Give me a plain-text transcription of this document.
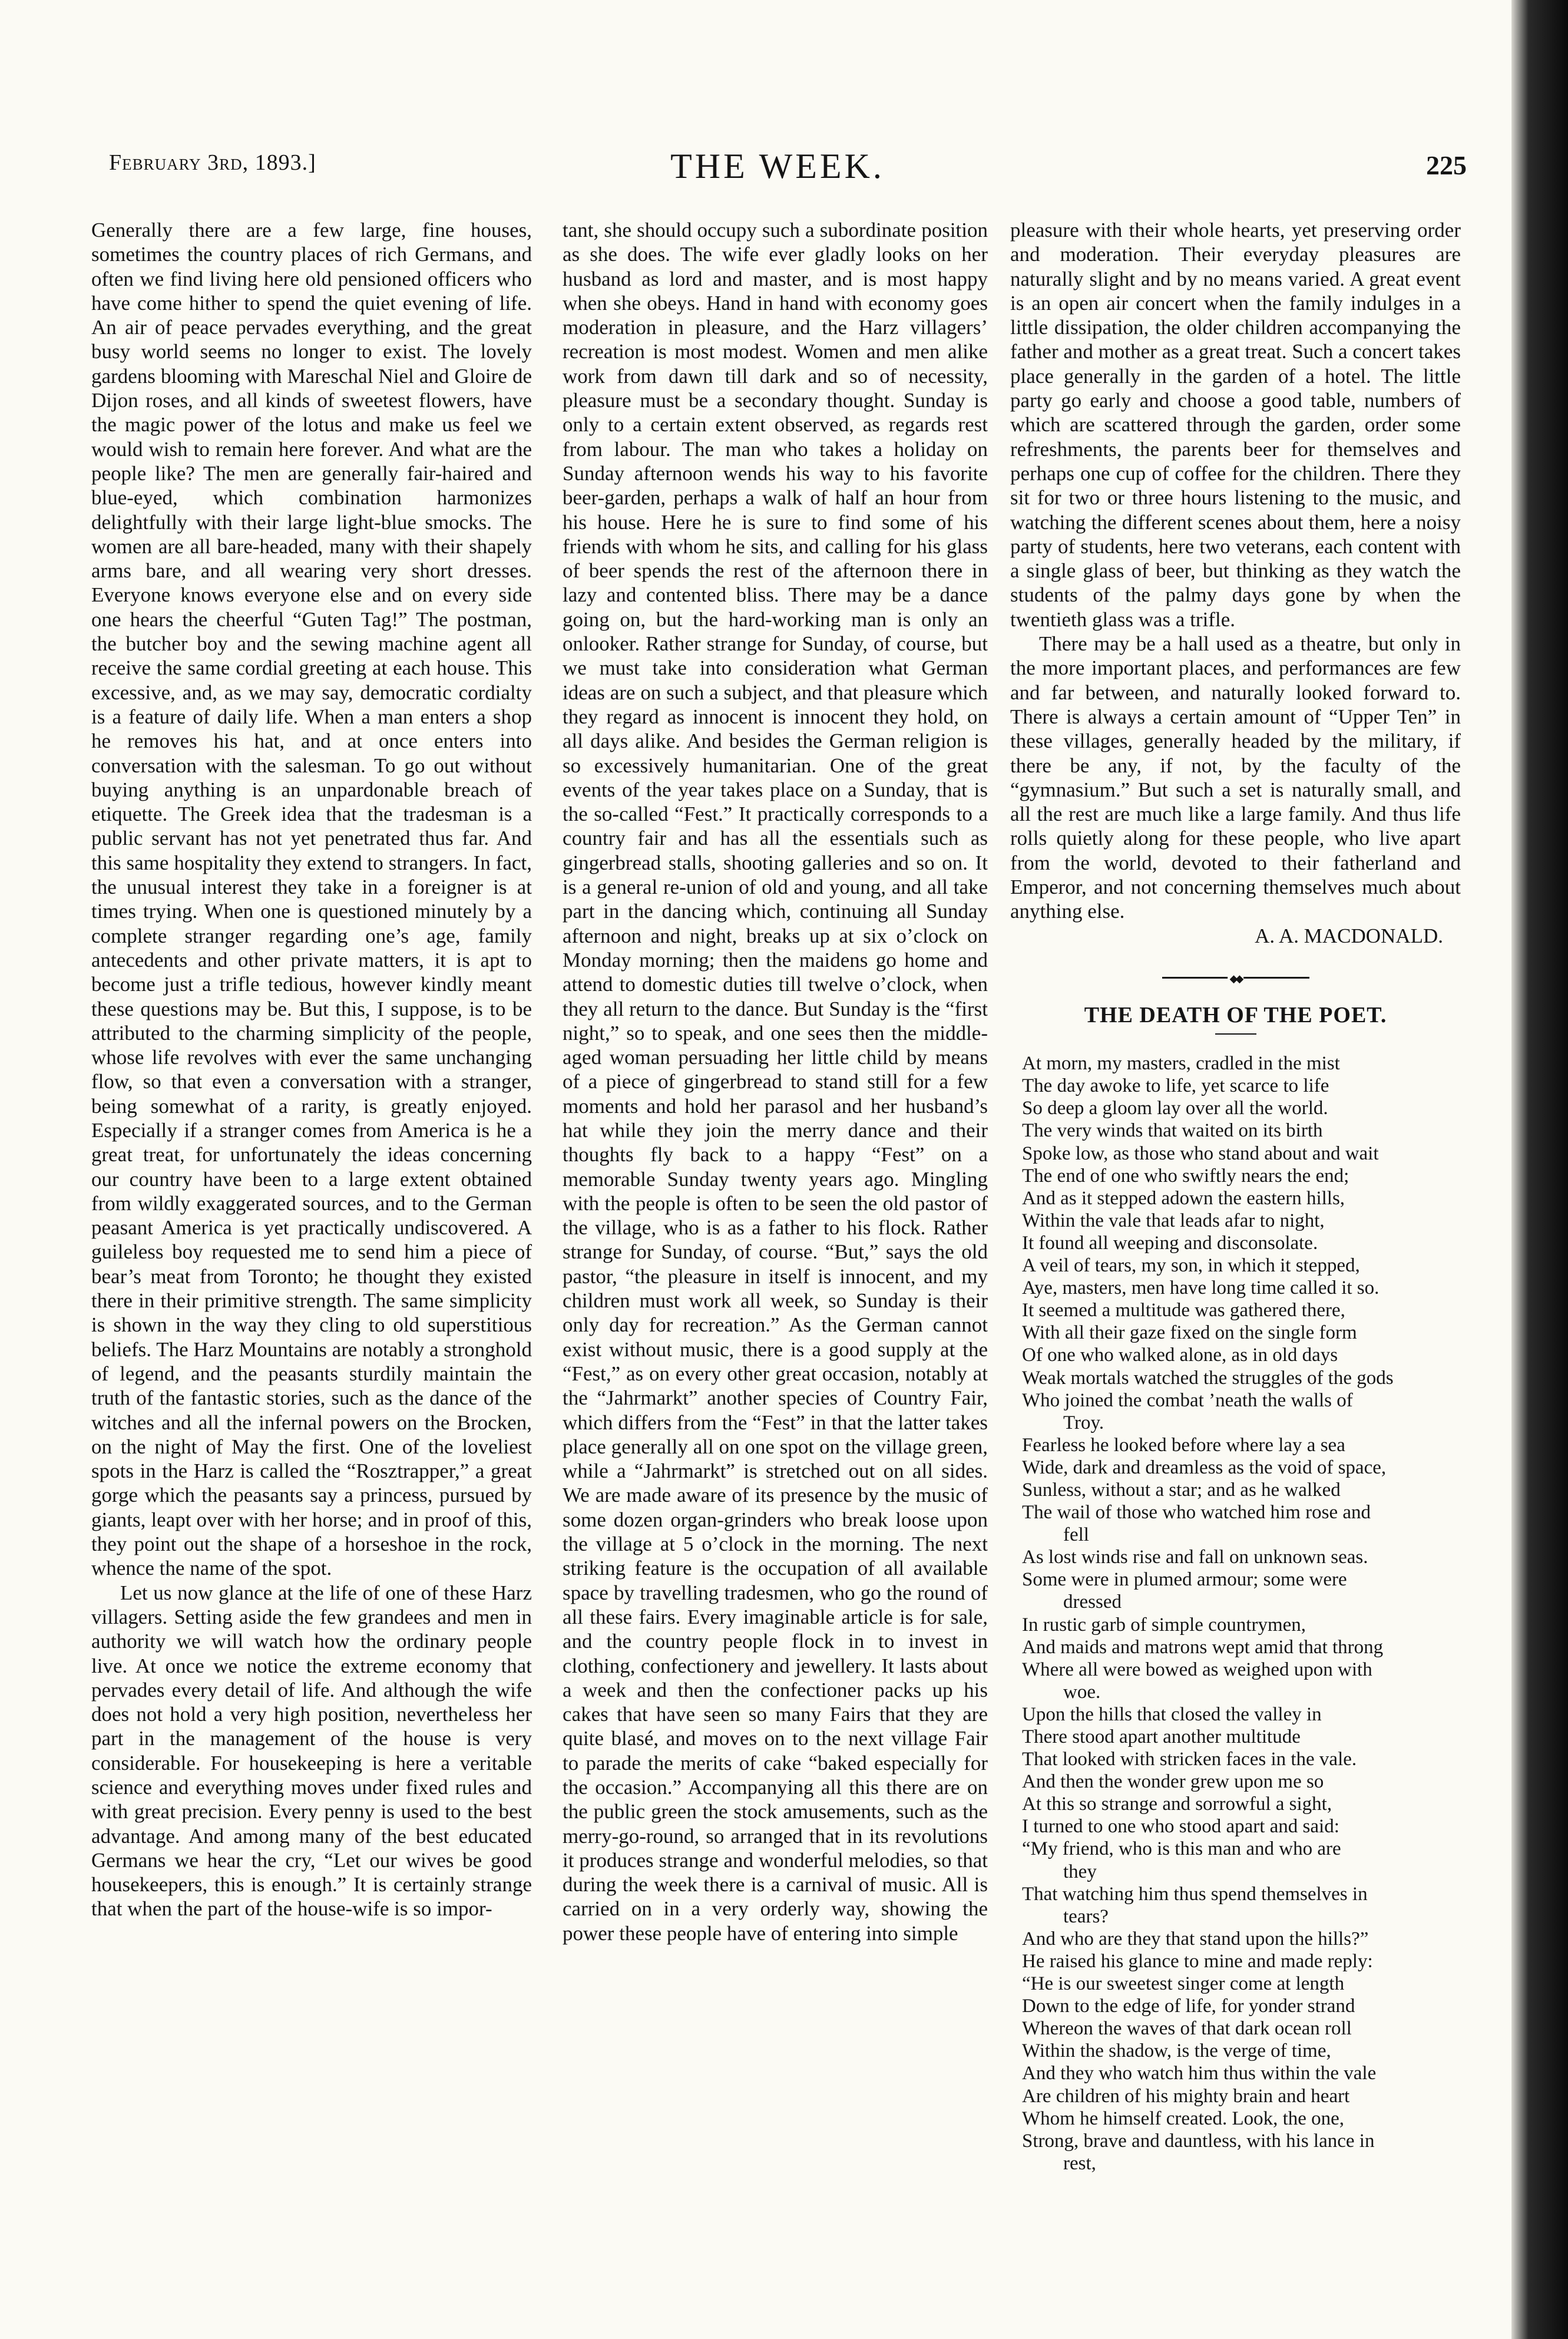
February 3rd, 1893.]	THE WEEK.	225

Generally there are a few large, fine houses, sometimes the country places of rich Germans, and often we find living here old pensioned officers who have come hither to spend the quiet evening of life. An air of peace pervades everything, and the great busy world seems no longer to exist. The lovely gardens blooming with Mareschal Niel and Gloire de Dijon roses, and all kinds of sweetest flowers, have the magic power of the lotus and make us feel we would wish to remain here forever. And what are the people like? The men are generally fair-haired and blue-eyed, which combination harmonizes delightfully with their large light-blue smocks. The women are all bare-headed, many with their shapely arms bare, and all wearing very short dresses. Everyone knows everyone else and on every side one hears the cheerful “Guten Tag!” The postman, the butcher boy and the sewing machine agent all receive the same cordial greeting at each house. This excessive, and, as we may say, democratic cordialty is a feature of daily life. When a man enters a shop he removes his hat, and at once enters into conversation with the salesman. To go out without buying anything is an unpardonable breach of etiquette. The Greek idea that the tradesman is a public servant has not yet penetrated thus far. And this same hospitality they extend to strangers. In fact, the unusual interest they take in a foreigner is at times trying. When one is questioned minutely by a complete stranger regarding one’s age, family antecedents and other private matters, it is apt to become just a trifle tedious, however kindly meant these questions may be. But this, I suppose, is to be attributed to the charming simplicity of the people, whose life revolves with ever the same unchanging flow, so that even a conversation with a stranger, being somewhat of a rarity, is greatly enjoyed. Especially if a stranger comes from America is he a great treat, for unfortunately the ideas concerning our country have been to a large extent obtained from wildly exaggerated sources, and to the German peasant America is yet practically undiscovered. A guileless boy requested me to send him a piece of bear’s meat from Toronto; he thought they existed there in their primitive strength. The same simplicity is shown in the way they cling to old superstitious beliefs. The Harz Mountains are notably a stronghold of legend, and the peasants sturdily maintain the truth of the fantastic stories, such as the dance of the witches and all the infernal powers on the Brocken, on the night of May the first. One of the loveliest spots in the Harz is called the “Rosztrapper,” a great gorge which the peasants say a princess, pursued by giants, leapt over with her horse; and in proof of this, they point out the shape of a horseshoe in the rock, whence the name of the spot.

Let us now glance at the life of one of these Harz villagers. Setting aside the few grandees and men in authority we will watch how the ordinary people live. At once we notice the extreme economy that pervades every detail of life. And although the wife does not hold a very high position, nevertheless her part in the management of the house is very considerable. For housekeeping is here a veritable science and everything moves under fixed rules and with great precision. Every penny is used to the best advantage. And among many of the best educated Germans we hear the cry, “Let our wives be good housekeepers, this is enough.” It is certainly strange that when the part of the house-wife is so impor-

tant, she should occupy such a subordinate position as she does. The wife ever gladly looks on her husband as lord and master, and is most happy when she obeys. Hand in hand with economy goes moderation in pleasure, and the Harz villagers’ recreation is most modest. Women and men alike work from dawn till dark and so of necessity, pleasure must be a secondary thought. Sunday is only to a certain extent observed, as regards rest from labour. The man who takes a holiday on Sunday afternoon wends his way to his favorite beer-garden, perhaps a walk of half an hour from his house. Here he is sure to find some of his friends with whom he sits, and calling for his glass of beer spends the rest of the afternoon there in lazy and contented bliss. There may be a dance going on, but the hard-working man is only an onlooker. Rather strange for Sunday, of course, but we must take into consideration what German ideas are on such a subject, and that pleasure which they regard as innocent is innocent they hold, on all days alike. And besides the German religion is so excessively humanitarian. One of the great events of the year takes place on a Sunday, that is the so-called “Fest.” It practically corresponds to a country fair and has all the essentials such as gingerbread stalls, shooting galleries and so on. It is a general re-union of old and young, and all take part in the dancing which, continuing all Sunday afternoon and night, breaks up at six o’clock on Monday morning; then the maidens go home and attend to domestic duties till twelve o’clock, when they all return to the dance. But Sunday is the “first night,” so to speak, and one sees then the middle-aged woman persuading her little child by means of a piece of gingerbread to stand still for a few moments and hold her parasol and her husband’s hat while they join the merry dance and their thoughts fly back to a happy “Fest” on a memorable Sunday twenty years ago. Mingling with the people is often to be seen the old pastor of the village, who is as a father to his flock. Rather strange for Sunday, of course. “But,” says the old pastor, “the pleasure in itself is innocent, and my children must work all week, so Sunday is their only day for recreation.” As the German cannot exist without music, there is a good supply at the “Fest,” as on every other great occasion, notably at the “Jahrmarkt” another species of Country Fair, which differs from the “Fest” in that the latter takes place generally all on one spot on the village green, while a “Jahrmarkt” is stretched out on all sides. We are made aware of its presence by the music of some dozen organ-grinders who break loose upon the village at 5 o’clock in the morning. The next striking feature is the occupation of all available space by travelling tradesmen, who go the round of all these fairs. Every imaginable article is for sale, and the country people flock in to invest in clothing, confectionery and jewellery. It lasts about a week and then the confectioner packs up his cakes that have seen so many Fairs that they are quite blasé, and moves on to the next village Fair to parade the merits of cake “baked especially for the occasion.” Accompanying all this there are on the public green the stock amusements, such as the merry-go-round, so arranged that in its revolutions it produces strange and wonderful melodies, so that during the week there is a carnival of music. All is carried on in a very orderly way, showing the power these people have of entering into simple

pleasure with their whole hearts, yet preserving order and moderation. Their everyday pleasures are naturally slight and by no means varied. A great event is an open air concert when the family indulges in a little dissipation, the older children accompanying the father and mother as a great treat. Such a concert takes place generally in the garden of a hotel. The little party go early and choose a good table, numbers of which are scattered through the garden, order some refreshments, the parents beer for themselves and perhaps one cup of coffee for the children. There they sit for two or three hours listening to the music, and watching the different scenes about them, here a noisy party of students, here two veterans, each content with a single glass of beer, but thinking as they watch the students of the palmy days gone by when the twentieth glass was a trifle.

There may be a hall used as a theatre, but only in the more important places, and performances are few and far between, and naturally looked forward to. There is always a certain amount of “Upper Ten” in these villages, generally headed by the military, if there be any, if not, by the faculty of the “gymnasium.” But such a set is naturally small, and all the rest are much like a large family. And thus life rolls quietly along for these people, who live apart from the world, devoted to their fatherland and Emperor, and not concerning themselves much about anything else.

A. A. MACDONALD.
◆◆
THE DEATH OF THE POET.
At morn, my masters, cradled in the mist
The day awoke to life, yet scarce to life
So deep a gloom lay over all the world.
The very winds that waited on its birth
Spoke low, as those who stand about and wait
The end of one who swiftly nears the end;
And as it stepped adown the eastern hills,
Within the vale that leads afar to night,
It found all weeping and disconsolate.
A veil of tears, my son, in which it stepped,
Aye, masters, men have long time called it so.
It seemed a multitude was gathered there,
With all their gaze fixed on the single form
Of one who walked alone, as in old days
Weak mortals watched the struggles of the gods
Who joined the combat ’neath the walls of
Troy.
Fearless he looked before where lay a sea
Wide, dark and dreamless as the void of space,
Sunless, without a star; and as he walked
The wail of those who watched him rose and
fell
As lost winds rise and fall on unknown seas.
Some were in plumed armour; some were
dressed
In rustic garb of simple countrymen,
And maids and matrons wept amid that throng
Where all were bowed as weighed upon with
woe.
Upon the hills that closed the valley in
There stood apart another multitude
That looked with stricken faces in the vale.
And then the wonder grew upon me so
At this so strange and sorrowful a sight,
I turned to one who stood apart and said:
“My friend, who is this man and who are
they
That watching him thus spend themselves in
tears?
And who are they that stand upon the hills?”
He raised his glance to mine and made reply:
“He is our sweetest singer come at length
Down to the edge of life, for yonder strand
Whereon the waves of that dark ocean roll
Within the shadow, is the verge of time,
And they who watch him thus within the vale
Are children of his mighty brain and heart
Whom he himself created. Look, the one,
Strong, brave and dauntless, with his lance in
rest,
